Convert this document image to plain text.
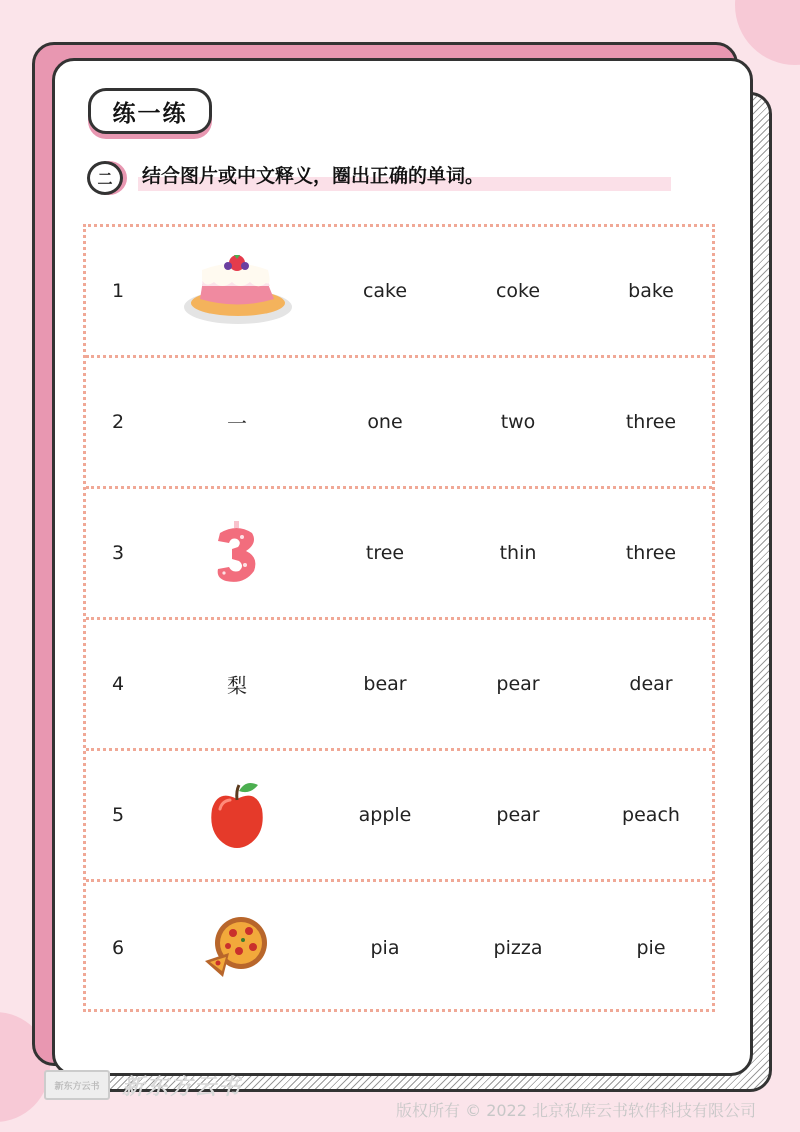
练一练
二	结合图片或中文释义，圈出正确的单词。
1	cake	coke	bake
2	一	one	two	three
3	tree	thin	three
4	梨	bear	pear	dear
5	apple	pear	peach
6	pia	pizza	pie
新东方云书	新东方云书
版权所有 © 2022 北京私库云书软件科技有限公司
